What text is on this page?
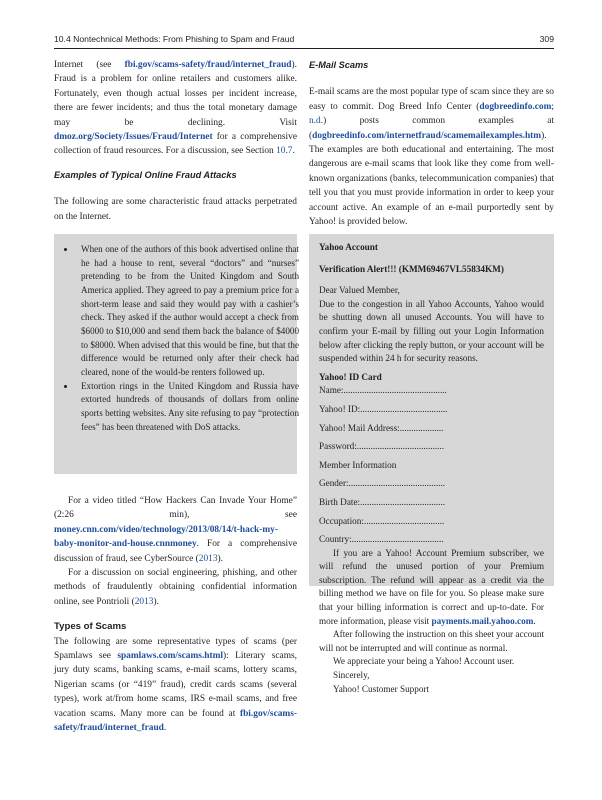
10.4 Nontechnical Methods: From Phishing to Spam and Fraud	309

Internet (see fbi.gov/scams-safety/fraud/internet_fraud). Fraud is a problem for online retailers and customers alike. Fortunately, even though actual losses per incident increase, there are fewer incidents; and thus the total monetary damage may be declining. Visit dmoz.org/Society/Issues/Fraud/Internet for a comprehensive collection of fraud resources. For a discussion, see Section 10.7.

Examples of Typical Online Fraud Attacks

The following are some characteristic fraud attacks perpetrated on the Internet.

E-Mail Scams

E-mail scams are the most popular type of scam since they are so easy to commit. Dog Breed Info Center (dogbreedinfo.com; n.d.) posts common examples at (dogbreedinfo.com/internetfraud/scamemailexamples.htm). The examples are both educational and entertaining. The most dangerous are e-mail scams that look like they come from well-known organizations (banks, telecommunication companies) that tell you that you must provide information in order to keep your account active. An example of an e-mail purportedly sent by Yahoo! is provided below.

• When one of the authors of this book advertised online that he had a house to rent, several “doctors” and “nurses” pretending to be from the United Kingdom and South America applied. They agreed to pay a premium price for a short-term lease and said they would pay with a cashier’s check. They asked if the author would accept a check from $6000 to $10,000 and send them back the balance of $4000 to $8000. When advised that this would be fine, but that the difference would be returned only after their check had cleared, none of the would-be renters followed up.
• Extortion rings in the United Kingdom and Russia have extorted hundreds of thousands of dollars from online sports betting websites. Any site refusing to pay “protection fees” has been threatened with DoS attacks.

For a video titled “How Hackers Can Invade Your Home” (2:26 min), see money.cnn.com/video/technology/2013/08/14/t-hack-my-baby-monitor-and-house.cnnmoney. For a comprehensive discussion of fraud, see CyberSource (2013).

For a discussion on social engineering, phishing, and other methods of fraudulently obtaining confidential information online, see Pontrioli (2013).

Types of Scams

The following are some representative types of scams (per Spamlaws see spamlaws.com/scams.html): Literary scams, jury duty scams, banking scams, e-mail scams, lottery scams, Nigerian scams (or “419” fraud), credit cards scams (several types), work at/from home scams, IRS e-mail scams, and free vacation scams. Many more can be found at fbi.gov/scams-safety/fraud/internet_fraud.

Yahoo Account

Verification Alert!!! (KMM69467VL55834KM)

Dear Valued Member,

Due to the congestion in all Yahoo Accounts, Yahoo would be shutting down all unused Accounts. You will have to confirm your E-mail by filling out your Login Information below after clicking the reply button, or your account will be suspended within 24 h for security reasons.

Yahoo! ID Card

Name:.............................................

Yahoo! ID:......................................

Yahoo! Mail Address:...................

Password:......................................

Member Information

Gender:..........................................

Birth Date:.....................................

Occupation:...................................

Country:........................................

If you are a Yahoo! Account Premium subscriber, we will refund the unused portion of your Premium subscription. The refund will appear as a credit via the billing method we have on file for you. So please make sure that your billing information is correct and up-to-date. For more information, please visit payments.mail.yahoo.com.

After following the instruction on this sheet your account will not be interrupted and will continue as normal.

We appreciate your being a Yahoo! Account user.

Sincerely,

Yahoo! Customer Support
